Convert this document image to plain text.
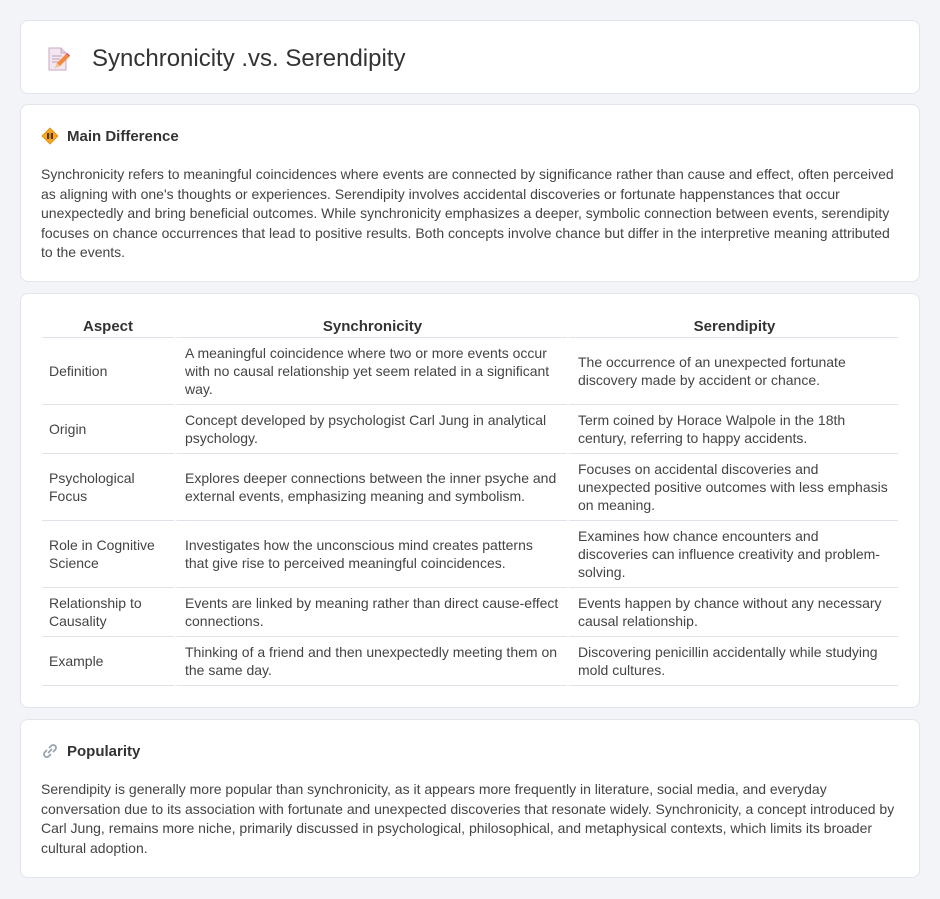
Synchronicity .vs. Serendipity
Main Difference

Synchronicity refers to meaningful coincidences where events are connected by significance rather than cause and effect, often perceived as aligning with one's thoughts or experiences. Serendipity involves accidental discoveries or fortunate happenstances that occur unexpectedly and bring beneficial outcomes. While synchronicity emphasizes a deeper, symbolic connection between events, serendipity focuses on chance occurrences that lead to positive results. Both concepts involve chance but differ in the interpretive meaning attributed to the events.

Aspect	Synchronicity	Serendipity
Definition	A meaningful coincidence where two or more events occur with no causal relationship yet seem related in a significant way.	The occurrence of an unexpected fortunate discovery made by accident or chance.
Origin	Concept developed by psychologist Carl Jung in analytical psychology.	Term coined by Horace Walpole in the 18th century, referring to happy accidents.
Psychological Focus	Explores deeper connections between the inner psyche and external events, emphasizing meaning and symbolism.	Focuses on accidental discoveries and unexpected positive outcomes with less emphasis on meaning.
Role in Cognitive Science	Investigates how the unconscious mind creates patterns that give rise to perceived meaningful coincidences.	Examines how chance encounters and discoveries can influence creativity and problem-solving.
Relationship to Causality	Events are linked by meaning rather than direct cause-effect connections.	Events happen by chance without any necessary causal relationship.
Example	Thinking of a friend and then unexpectedly meeting them on the same day.	Discovering penicillin accidentally while studying mold cultures.
Popularity

Serendipity is generally more popular than synchronicity, as it appears more frequently in literature, social media, and everyday conversation due to its association with fortunate and unexpected discoveries that resonate widely. Synchronicity, a concept introduced by Carl Jung, remains more niche, primarily discussed in psychological, philosophical, and metaphysical contexts, which limits its broader cultural adoption.
